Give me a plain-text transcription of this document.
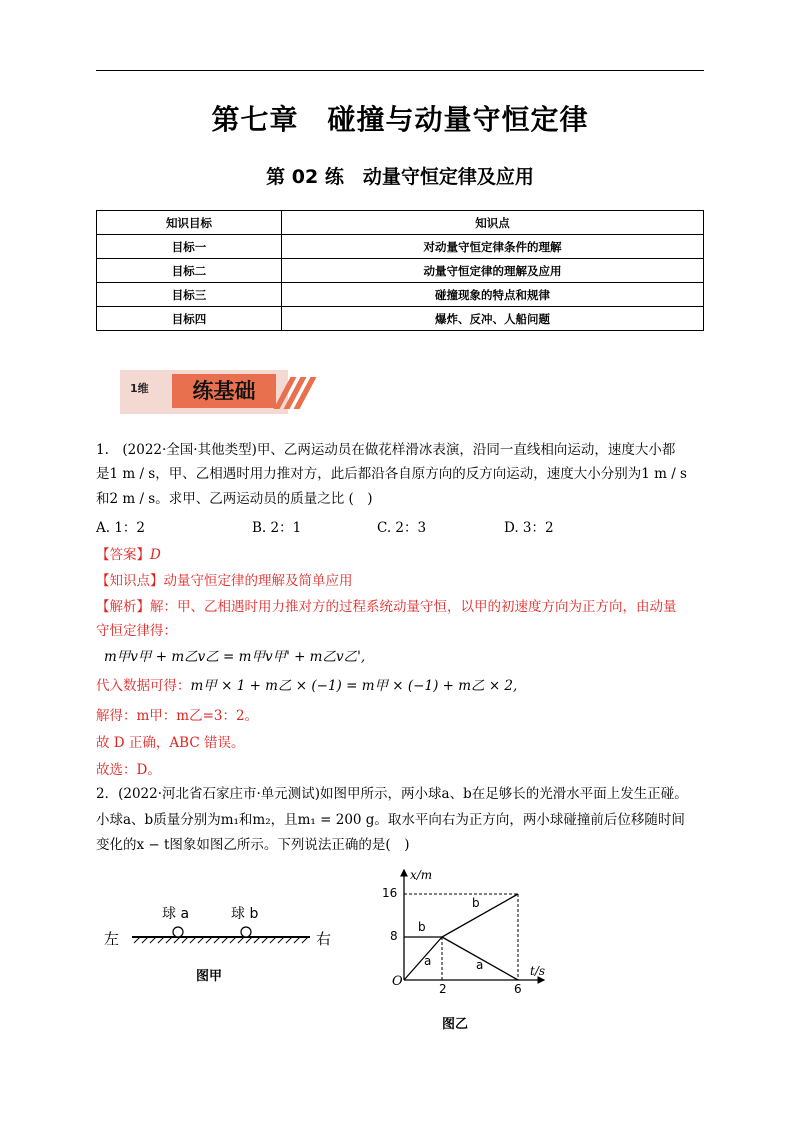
第七章　碰撞与动量守恒定律
第 02 练　动量守恒定律及应用
知识目标	知识点
目标一	对动量守恒定律条件的理解
目标二	动量守恒定律的理解及应用
目标三	碰撞现象的特点和规律
目标四	爆炸、反冲、人船问题
1维	练基础
1.　(2022·全国·其他类型)甲、乙两运动员在做花样滑冰表演，沿同一直线相向运动，速度大小都
是1 m / s，甲、乙相遇时用力推对方，此后都沿各自原方向的反方向运动，速度大小分别为1 m / s
和2 m / s。求甲、乙两运动员的质量之比 (　)
A. 1：2	B. 2：1	C. 2：3	D. 3：2
【答案】D
【知识点】动量守恒定律的理解及简单应用
【解析】解：甲、乙相遇时用力推对方的过程系统动量守恒，以甲的初速度方向为正方向，由动量
守恒定律得：
m甲v甲 + m乙v乙 = m甲v甲' + m乙v乙',
代入数据可得：m甲 × 1 + m乙 × (−1) = m甲 × (−1) + m乙 × 2,
解得：m甲：m乙=3：2。
故 D 正确，ABC 错误。
故选：D。
2．(2022·河北省石家庄市·单元测试)如图甲所示，两小球a、b在足够长的光滑水平面上发生正碰。
小球a、b质量分别为m₁和m₂，且m₁ = 200 g。取水平向右为正方向，两小球碰撞前后位移随时间
变化的x − t图象如图乙所示。下列说法正确的是(　)
球 a	球 b
左	右
图甲
x/m
t/s
16
8
2	6
O
a	a
b
b
图乙
